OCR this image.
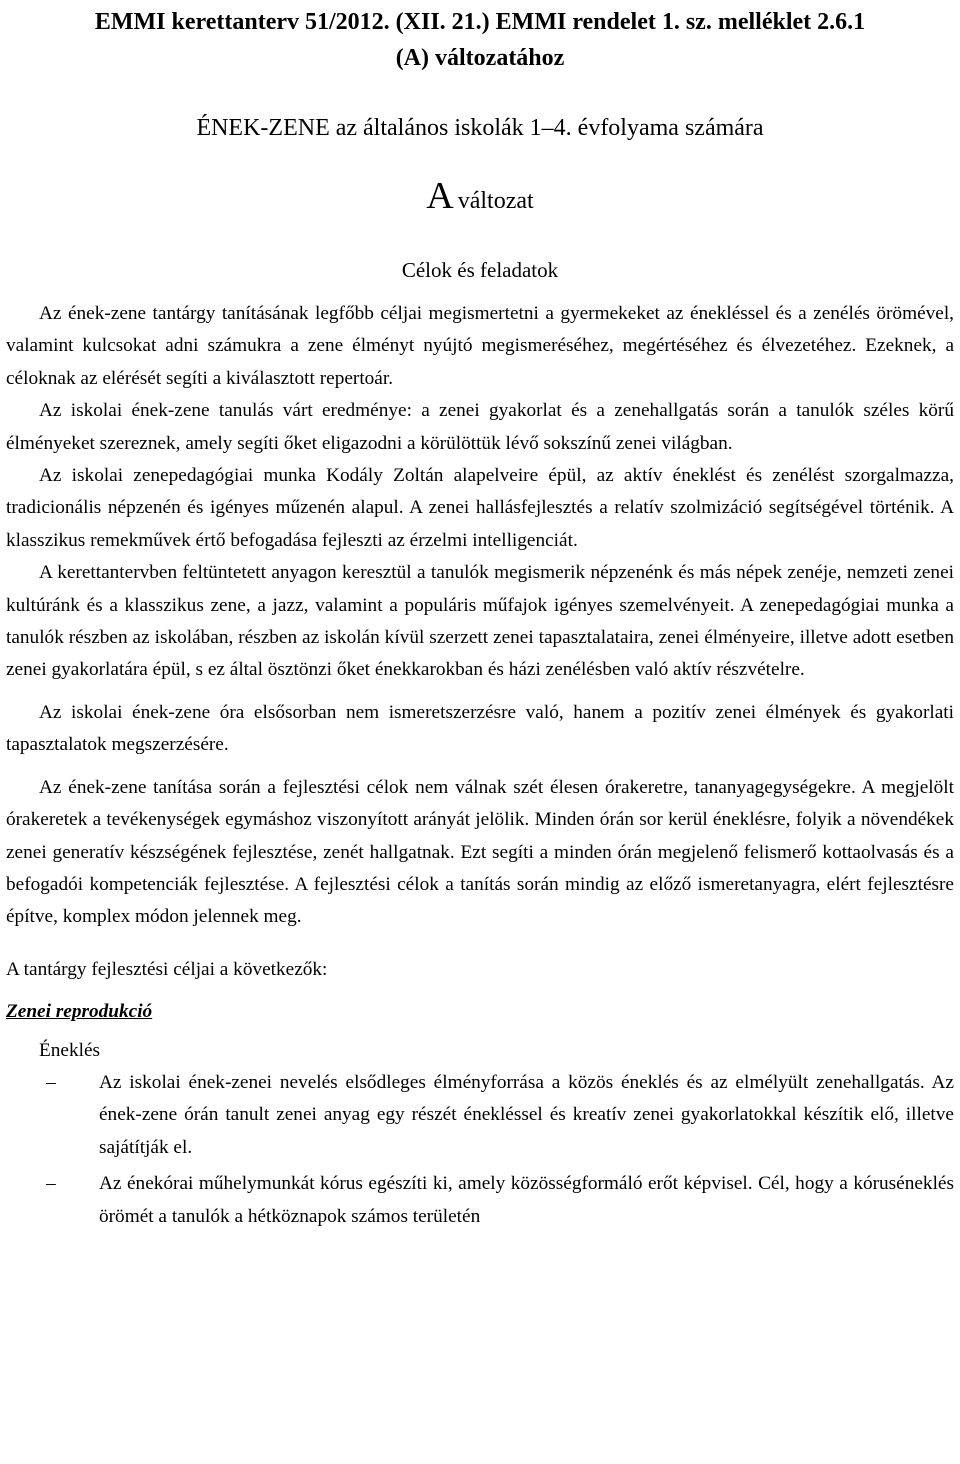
EMMI kerettanterv 51/2012. (XII. 21.) EMMI rendelet 1. sz. melléklet 2.6.1
(A) változatához
ÉNEK-ZENE az általános iskolák 1–4. évfolyama számára
A változat
Célok és feladatok

Az ének-zene tantárgy tanításának legfőbb céljai megismertetni a gyermekeket az énekléssel és a zenélés örömével, valamint kulcsokat adni számukra a zene élményt nyújtó megismeréséhez, megértéséhez és élvezetéhez. Ezeknek, a céloknak az elérését segíti a kiválasztott repertoár.

Az iskolai ének-zene tanulás várt eredménye: a zenei gyakorlat és a zenehallgatás során a tanulók széles körű élményeket szereznek, amely segíti őket eligazodni a körülöttük lévő sokszínű zenei világban.

Az iskolai zenepedagógiai munka Kodály Zoltán alapelveire épül, az aktív éneklést és zenélést szorgalmazza, tradicionális népzenén és igényes műzenén alapul. A zenei hallásfejlesztés a relatív szolmizáció segítségével történik. A klasszikus remekművek értő befogadása fejleszti az érzelmi intelligenciát.

A kerettantervben feltüntetett anyagon keresztül a tanulók megismerik népzenénk és más népek zenéje, nemzeti zenei kultúránk és a klasszikus zene, a jazz, valamint a populáris műfajok igényes szemelvényeit. A zenepedagógiai munka a tanulók részben az iskolában, részben az iskolán kívül szerzett zenei tapasztalataira, zenei élményeire, illetve adott esetben zenei gyakorlatára épül, s ez által ösztönzi őket énekkarokban és házi zenélésben való aktív részvételre.

Az iskolai ének-zene óra elsősorban nem ismeretszerzésre való, hanem a pozitív zenei élmények és gyakorlati tapasztalatok megszerzésére.

Az ének-zene tanítása során a fejlesztési célok nem válnak szét élesen órakeretre, tananyagegységekre. A megjelölt órakeretek a tevékenységek egymáshoz viszonyított arányát jelölik. Minden órán sor kerül éneklésre, folyik a növendékek zenei generatív készségének fejlesztése, zenét hallgatnak. Ezt segíti a minden órán megjelenő felismerő kottaolvasás és a befogadói kompetenciák fejlesztése. A fejlesztési célok a tanítás során mindig az előző ismeretanyagra, elért fejlesztésre építve, komplex módon jelennek meg.

A tantárgy fejlesztési céljai a következők:

Zenei reprodukció

Éneklés

–	Az iskolai ének-zenei nevelés elsődleges élményforrása a közös éneklés és az elmélyült zenehallgatás. Az ének-zene órán tanult zenei anyag egy részét énekléssel és kreatív zenei gyakorlatokkal készítik elő, illetve sajátítják el.
–	Az énekórai műhelymunkát kórus egészíti ki, amely közösségformáló erőt képvisel. Cél, hogy a kóruséneklés örömét a tanulók a hétköznapok számos területén
